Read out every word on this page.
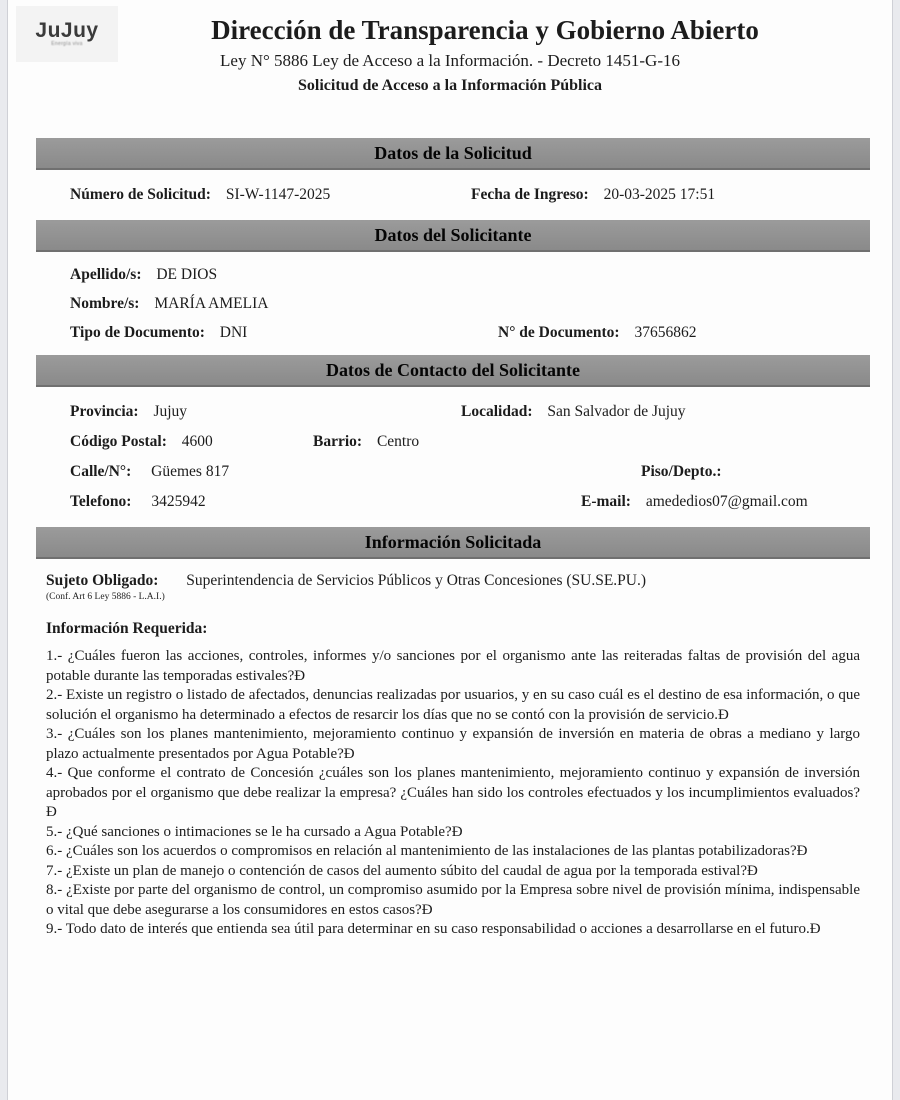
JuJuy
Energía viva	Dirección de Transparencia y Gobierno Abierto
Ley N° 5886 Ley de Acceso a la Información. - Decreto 1451-G-16
Solicitud de Acceso a la Información Pública
Datos de la Solicitud
Número de Solicitud: SI-W-1147-2025	Fecha de Ingreso: 20-03-2025 17:51
Datos del Solicitante
Apellido/s: DE DIOS
Nombre/s: MARÍA AMELIA
Tipo de Documento: DNI	N° de Documento: 37656862
Datos de Contacto del Solicitante
Provincia: Jujuy	Localidad: San Salvador de Jujuy
Código Postal: 4600	Barrio: Centro
Calle/N°: Güemes 817	Piso/Depto.:
Telefono: 3425942	E-mail: amededios07@gmail.com
Información Solicitada
Sujeto Obligado: Superintendencia de Servicios Públicos y Otras Concesiones (SU.SE.PU.)
(Conf. Art 6 Ley 5886 - L.A.I.)
Información Requerida:

1.- ¿Cuáles fueron las acciones, controles, informes y/o sanciones por el organismo ante las reiteradas faltas de provisión del agua potable durante las temporadas estivales?Đ

2.- Existe un registro o listado de afectados, denuncias realizadas por usuarios, y en su caso cuál es el destino de esa información, o que solución el organismo ha determinado a efectos de resarcir los días que no se contó con la provisión de servicio.Đ

3.- ¿Cuáles son los planes mantenimiento, mejoramiento continuo y expansión de inversión en materia de obras a mediano y largo plazo actualmente presentados por Agua Potable?Đ

4.- Que conforme el contrato de Concesión ¿cuáles son los planes mantenimiento, mejoramiento continuo y expansión de inversión aprobados por el organismo que debe realizar la empresa? ¿Cuáles han sido los controles efectuados y los incumplimientos evaluados?Đ

5.- ¿Qué sanciones o intimaciones se le ha cursado a Agua Potable?Đ

6.- ¿Cuáles son los acuerdos o compromisos en relación al mantenimiento de las instalaciones de las plantas potabilizadoras?Đ

7.- ¿Existe un plan de manejo o contención de casos del aumento súbito del caudal de agua por la temporada estival?Đ

8.- ¿Existe por parte del organismo de control, un compromiso asumido por la Empresa sobre nivel de provisión mínima, indispensable o vital que debe asegurarse a los consumidores en estos casos?Đ

9.- Todo dato de interés que entienda sea útil para determinar en su caso responsabilidad o acciones a desarrollarse en el futuro.Đ
